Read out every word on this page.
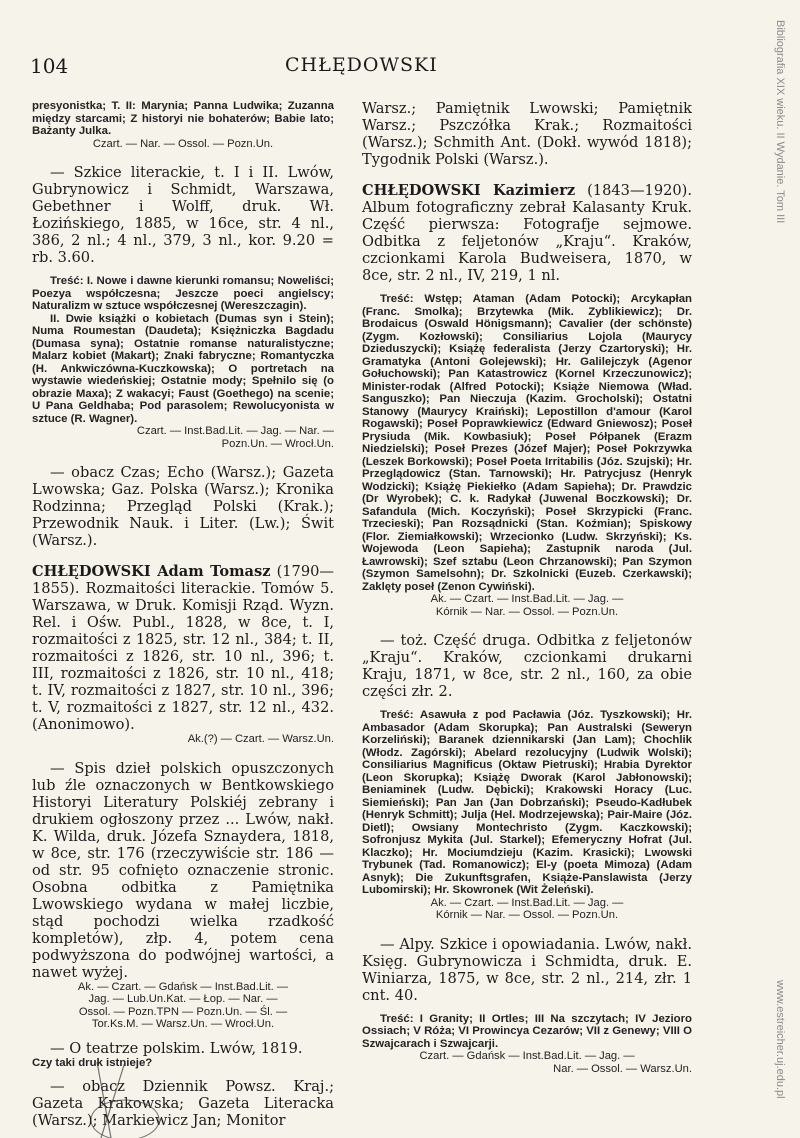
104	CHŁĘDOWSKI	Bibliografia XIX wieku. II Wydanie. Tom III
www.estreicher.uj.edu.pl

presyonistka; T. II: Marynia; Panna Ludwika; Zuzanna między starcami; Z historyi nie bohaterów; Babie lato; Bażanty Julka.

Czart. — Nar. — Ossol. — Pozn.Un.

— Szkice literackie, t. I i II. Lwów, Gubrynowicz i Schmidt, Warszawa, Gebethner i Wolff, druk. Wł. Łozińskiego, 1885, w 16ce, str. 4 nl., 386, 2 nl.; 4 nl., 379, 3 nl., kor. 9.20 = rb. 3.60.

Treść: I. Nowe i dawne kierunki romansu; Noweliści; Poezya współczesna; Jeszcze poeci angielscy; Naturalizm w sztuce współczesnej (Wereszczagin).

II. Dwie książki o kobietach (Dumas syn i Stein); Numa Roumestan (Daudeta); Księżniczka Bagdadu (Dumasa syna); Ostatnie romanse naturalistyczne; Malarz kobiet (Makart); Znaki fabryczne; Romantyczka (H. Ankwiczówna-Kuczkowska); O portretach na wystawie wiedeńskiej; Ostatnie mody; Spełnilo się (o obrazie Maxa); Z wakacyi; Faust (Goethego) na scenie; U Pana Geldhaba; Pod parasolem; Rewolucyonista w sztuce (R. Wagner).

Czart. — Inst.Bad.Lit. — Jag. — Nar. —
Pozn.Un. — Wrocł.Un.

— obacz Czas; Echo (Warsz.); Gazeta Lwowska; Gaz. Polska (Warsz.); Kronika Rodzinna; Przegląd Polski (Krak.); Przewodnik Nauk. i Liter. (Lw.); Świt (Warsz.).

CHŁĘDOWSKI Adam Tomasz (1790—1855). Rozmaitości literackie. Tomów 5. Warszawa, w Druk. Komisji Rząd. Wyzn. Rel. i Ośw. Publ., 1828, w 8ce, t. I, rozmaitości z 1825, str. 12 nl., 384; t. II, rozmaitości z 1826, str. 10 nl., 396; t. III, rozmaitości z 1826, str. 10 nl., 418; t. IV, rozmaitości z 1827, str. 10 nl., 396; t. V, rozmaitości z 1827, str. 12 nl., 432. (Anonimowo).

Ak.(?) — Czart. — Warsz.Un.

— Spis dzieł polskich opuszczonych lub źle oznaczonych w Bentkowskiego Historyi Literatury Polskiéj zebrany i drukiem ogłoszony przez ... Lwów, nakł. K. Wilda, druk. Józefa Sznaydera, 1818, w 8ce, str. 176 (rzeczywiście str. 186 — od str. 95 cofnięto oznaczenie stronic. Osobna odbitka z Pamiętnika Lwowskiego wydana w małej liczbie, stąd pochodzi wielka rzadkość kompletów), złp. 4, potem cena podwyższona do podwójnej wartości, a nawet wyżej.

Ak. — Czart. — Gdańsk — Inst.Bad.Lit. —
Jag. — Lub.Un.Kat. — Łop. — Nar. —
Ossol. — Pozn.TPN — Pozn.Un. — Śl. —
Tor.Ks.M. — Warsz.Un. — Wrocł.Un.

— O teatrze polskim. Lwów, 1819.

Czy taki druk istnieje?

— obacz Dziennik Powsz. Kraj.; Gazeta Krakowska; Gazeta Literacka (Warsz.); Markiewicz Jan; Monitor

Warsz.; Pamiętnik Lwowski; Pamiętnik Warsz.; Pszczółka Krak.; Rozmaitości (Warsz.); Schmith Ant. (Dokł. wywód 1818); Tygodnik Polski (Warsz.).

CHŁĘDOWSKI Kazimierz (1843—1920). Album fotograficzny zebrał Kalasanty Kruk. Część pierwsza: Fotografje sejmowe. Odbitka z feljetonów „Kraju“. Kraków, czcionkami Karola Budweisera, 1870, w 8ce, str. 2 nl., IV, 219, 1 nl.

Treść: Wstęp; Ataman (Adam Potocki); Arcykapłan (Franc. Smolka); Brzytewka (Mik. Zyblikiewicz); Dr. Brodaicus (Oswald Hönigsmann); Cavalier (der schönste) (Zygm. Kozłowski); Consiliarius Lojola (Maurycy Dzieduszycki); Książę federalista (Jerzy Czartoryski); Hr. Gramatyka (Antoni Golejewski); Hr. Galilejczyk (Agenor Gołuchowski); Pan Katastrowicz (Kornel Krzeczunowicz); Minister-rodak (Alfred Potocki); Książe Niemowa (Wład. Sanguszko); Pan Nieczuja (Kazim. Grocholski); Ostatni Stanowy (Maurycy Kraiński); Lepostillon d'amour (Karol Rogawski); Poseł Poprawkiewicz (Edward Gniewosz); Poseł Prysiuda (Mik. Kowbasiuk); Poseł Półpanek (Erazm Niedzielski); Poseł Prezes (Józef Majer); Poseł Pokrzywka (Leszek Borkowski); Poseł Poeta Irritabilis (Józ. Szujski); Hr. Przeglądowicz (Stan. Tarnowski); Hr. Patrycjusz (Henryk Wodzicki); Książę Piekiełko (Adam Sapieha); Dr. Prawdzic (Dr Wyrobek); C. k. Radykał (Juwenal Boczkowski); Dr. Safandula (Mich. Koczyński); Poseł Skrzypicki (Franc. Trzecieski); Pan Rozsądnicki (Stan. Koźmian); Spiskowy (Flor. Ziemiałkowski); Wrzecionko (Ludw. Skrzyński); Ks. Wojewoda (Leon Sapieha); Zastupnik naroda (Jul. Ławrowski); Szef sztabu (Leon Chrzanowski); Pan Szymon (Szymon Samelsohn); Dr. Szkolnicki (Euzeb. Czerkawski); Zaklęty poseł (Zenon Cywiński).

Ak. — Czart. — Inst.Bad.Lit. — Jag. —
Kórnik — Nar. — Ossol. — Pozn.Un.

— toż. Część druga. Odbitka z feljetonów „Kraju“. Kraków, czcionkami drukarni Kraju, 1871, w 8ce, str. 2 nl., 160, za obie części złr. 2.

Treść: Asawuła z pod Pacławia (Józ. Tyszkowski); Hr. Ambasador (Adam Skorupka); Pan Australski (Seweryn Korzeliński); Baranek dziennikarski (Jan Lam); Chochlik (Włodz. Zagórski); Abelard rezolucyjny (Ludwik Wolski); Consiliarius Magnificus (Oktaw Pietruski); Hrabia Dyrektor (Leon Skorupka); Książę Dworak (Karol Jabłonowski); Beniaminek (Ludw. Dębicki); Krakowski Horacy (Luc. Siemieński); Pan Jan (Jan Dobrzański); Pseudo-Kadłubek (Henryk Schmitt); Julja (Hel. Modrzejewska); Pair-Maire (Józ. Dietl); Owsiany Montechristo (Zygm. Kaczkowski); Sofronjusz Mykita (Jul. Starkel); Efemeryczny Hofrat (Jul. Klaczko); Hr. Mociumdzieju (Kazim. Krasicki); Lwowski Trybunek (Tad. Romanowicz); El-y (poeta Mimoza) (Adam Asnyk); Die Zukunftsgrafen, Książe-Panslawista (Jerzy Lubomirski); Hr. Skowronek (Wit Żeleński).

Ak. — Czart. — Inst.Bad.Lit. — Jag. —
Kórnik — Nar. — Ossol. — Pozn.Un.

— Alpy. Szkice i opowiadania. Lwów, nakł. Księg. Gubrynowicza i Schmidta, druk. E. Winiarza, 1875, w 8ce, str. 2 nl., 214, złr. 1 cnt. 40.

Treść: I Granity; II Ortles; III Na szczytach; IV Jezioro Ossiach; V Róża; VI Prowincya Cezarów; VII z Genewy; VIII O Szwajcarach i Szwajcarji.

Czart. — Gdańsk — Inst.Bad.Lit. — Jag. —
Nar. — Ossol. — Warsz.Un.
